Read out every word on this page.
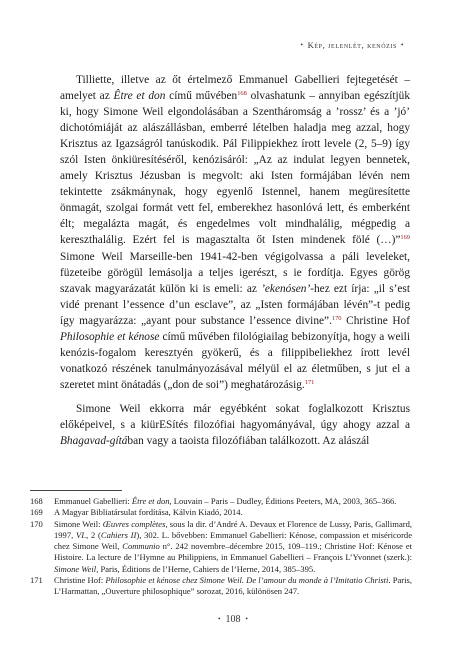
• Kép, jelenlét, kenózis •

Tilliette, illetve az őt értelmező Emmanuel Gabellieri fejtegetését – amelyet az Être et don című művében$^{168}$ olvashatunk – annyiban egészítjük ki, hogy Simone Weil elgondolásában a Szentháromság a ’rossz’ és a ’jó’ dichotómiáját az alászállásban, emberré lételben haladja meg azzal, hogy Krisztus az Igazságról tanúskodik. Pál Filippiekhez írott levele (2, 5–9) így szól Isten önkiüresítéséről, kenózisáról: „Az az indulat legyen bennetek, amely Krisztus Jézusban is megvolt: aki Isten formájában lévén nem tekintette zsákmánynak, hogy egyenlő Istennel, hanem megüresítette önmagát, szolgai formát vett fel, emberekhez hasonlóvá lett, és emberként élt; megalázta magát, és engedelmes volt mindhalálig, mégpedig a kereszthalálig. Ezért fel is magasztalta őt Isten mindenek fölé (…)”$^{169}$ Simone Weil Marseille-ben 1941-42-ben végigolvassa a páli leveleket, füzeteibe görögül lemásolja a teljes igerészt, s ie fordítja. Egyes görög szavak magyarázatát külön ki is emeli: az ’ekenósen’-hez ezt írja: „il s’est vidé prenant l’essence d’un esclave”, az „Isten formájában lévén”-t pedig így magyarázza: „ayant pour substance l’essence divine”.$^{170}$ Christine Hof Philosophie et kénose című művében filológiailag bebizonyítja, hogy a weili kenózis-fogalom keresztyén gyökerű, és a filippibeliekhez írott levél vonatkozó részének tanulmányozásával mélyül el az életműben, s jut el a szeretet mint önátadás („don de soi”) meghatározásig.$^{171}$

Simone Weil ekkorra már egyébként sokat foglalkozott Krisztus előképeivel, s a kiürESítés filozófiai hagyományával, úgy ahogy azzal a Bhagavad-gítában vagy a taoista filozófiában találkozott. Az alászál

168 Emmanuel Gabellieri: Être et don, Louvain – Paris – Dudley, Éditions Peeters, MA, 2003, 365–366.
169 A Magyar Bibliatársulat fordítása, Kálvin Kiadó, 2014.
170 Simone Weil: Œuvres complètes, sous la dir. d’André A. Devaux et Florence de Lussy, Paris, Gallimard, 1997, VI., 2 (Cahiers II), 302. L. bővebben: Emmanuel Gabellieri: Kénose, compassion et miséricorde chez Simone Weil, Communio n°. 242 novembre–décembre 2015, 109–119.; Christine Hof: Kénose et Histoire. La lecture de l’Hymne au Philippiens, in Emmanuel Gabellieri – François L’Yvonnet (szerk.): Simone Weil, Paris, Éditions de l’Herne, Cahiers de l’Herne, 2014, 385–395.
171 Christine Hof: Philosophie et kénose chez Simone Weil. De l’amour du monde à l’Imitatio Christi. Paris, L’Harmattan, „Ouverture philosophique” sorozat, 2016, különösen 247.
• 108 •
